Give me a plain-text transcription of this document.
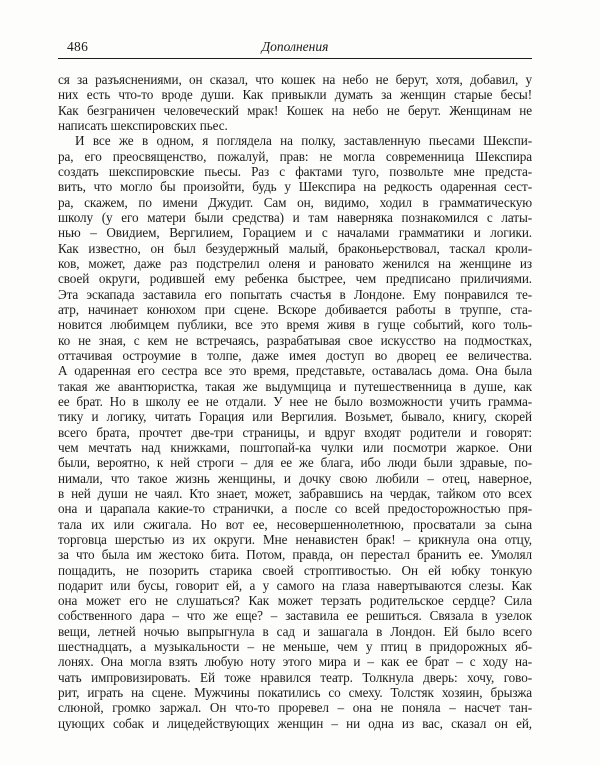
486	Дополнения
ся за разъяснениями, он сказал, что кошек на небо не берут, хотя, добавил, у
них есть что-то вроде души. Как привыкли думать за женщин старые бесы!
Как безграничен человеческий мрак! Кошек на небо не берут. Женщинам не
написать шекспировских пьес.
И все же в одном, я поглядела на полку, заставленную пьесами Шекспи-
ра, его преосвященство, пожалуй, прав: не могла современница Шекспира
создать шекспировские пьесы. Раз с фактами туго, позвольте мне предста-
вить, что могло бы произойти, будь у Шекспира на редкость одаренная сест-
ра, скажем, по имени Джудит. Сам он, видимо, ходил в грамматическую
школу (у его матери были средства) и там наверняка познакомился с латы-
нью – Овидием, Вергилием, Горацием и с началами грамматики и логики.
Как известно, он был безудержный малый, браконьерствовал, таскал кроли-
ков, может, даже раз подстрелил оленя и рановато женился на женщине из
своей округи, родившей ему ребенка быстрее, чем предписано приличиями.
Эта эскапада заставила его попытать счастья в Лондоне. Ему понравился те-
атр, начинает конюхом при сцене. Вскоре добивается работы в труппе, ста-
новится любимцем публики, все это время живя в гуще событий, кого толь-
ко не зная, с кем не встречаясь, разрабатывая свое искусство на подмостках,
оттачивая остроумие в толпе, даже имея доступ во дворец ее величества.
А одаренная его сестра все это время, представьте, оставалась дома. Она была
такая же авантюристка, такая же выдумщица и путешественница в душе, как
ее брат. Но в школу ее не отдали. У нее не было возможности учить грамма-
тику и логику, читать Горация или Вергилия. Возьмет, бывало, книгу, скорей
всего брата, прочтет две-три страницы, и вдруг входят родители и говорят:
чем мечтать над книжками, поштопай-ка чулки или посмотри жаркое. Они
были, вероятно, к ней строги – для ее же блага, ибо люди были здравые, по-
нимали, что такое жизнь женщины, и дочку свою любили – отец, наверное,
в ней души не чаял. Кто знает, может, забравшись на чердак, тайком ото всех
она и царапала какие-то странички, а после со всей предосторожностью пря-
тала их или сжигала. Но вот ее, несовершеннолетнюю, просватали за сына
торговца шерстью из их округи. Мне ненавистен брак! – крикнула она отцу,
за что была им жестоко бита. Потом, правда, он перестал бранить ее. Умолял
пощадить, не позорить старика своей строптивостью. Он ей юбку тонкую
подарит или бусы, говорит ей, а у самого на глаза навертываются слезы. Как
она может его не слушаться? Как может терзать родительское сердце? Сила
собственного дара – что же еще? – заставила ее решиться. Связала в узелок
вещи, летней ночью выпрыгнула в сад и зашагала в Лондон. Ей было всего
шестнадцать, а музыкальности – не меньше, чем у птиц в придорожных яб-
лонях. Она могла взять любую ноту этого мира и – как ее брат – с ходу на-
чать импровизировать. Ей тоже нравился театр. Толкнула дверь: хочу, гово-
рит, играть на сцене. Мужчины покатились со смеху. Толстяк хозяин, брызжа
слюной, громко заржал. Он что-то проревел – она не поняла – насчет тан-
цующих собак и лицедействующих женщин – ни одна из вас, сказал он ей,
